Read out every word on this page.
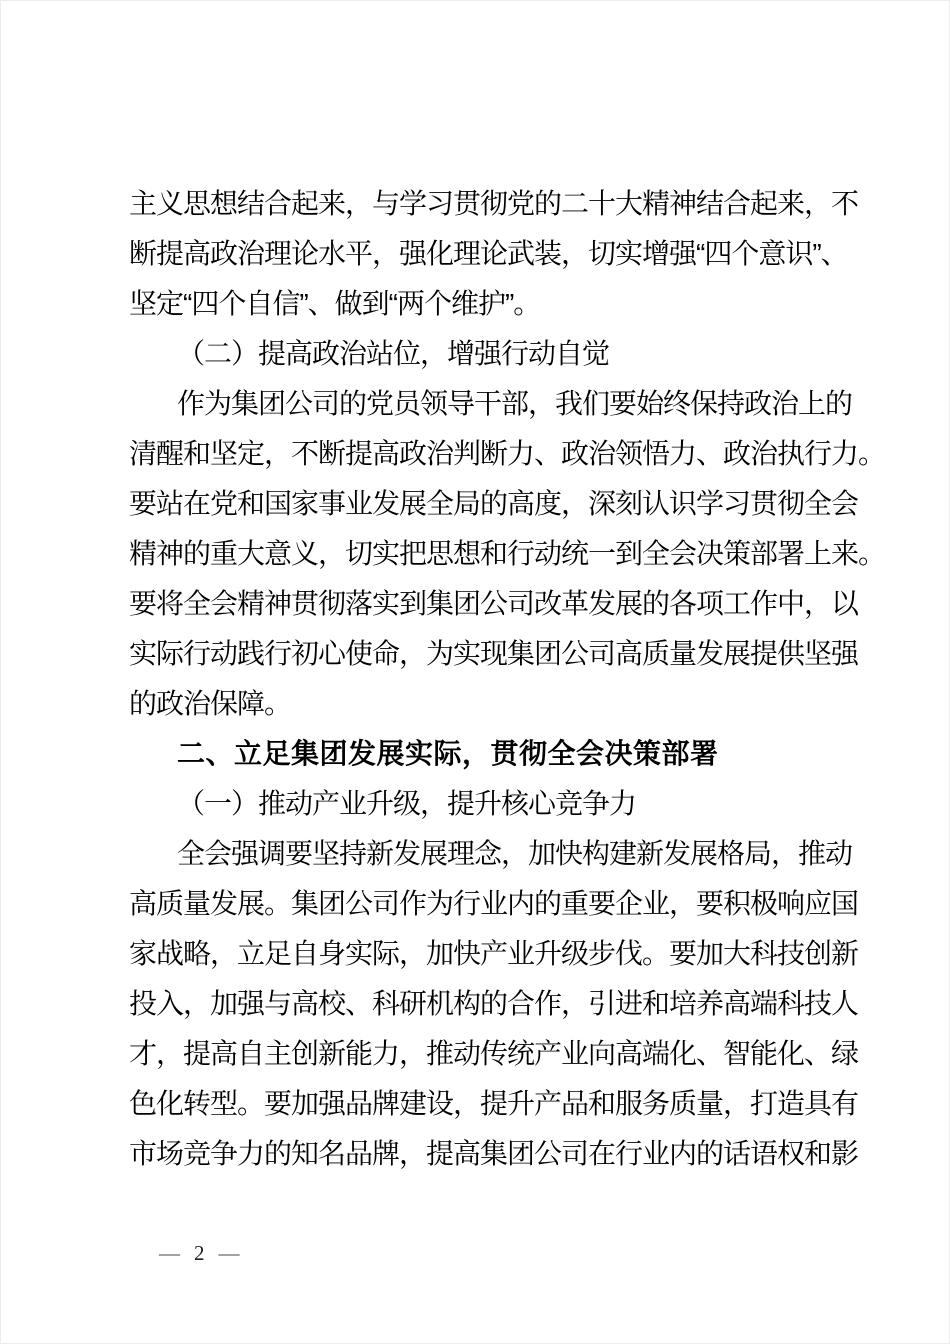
主义思想结合起来，与学习贯彻党的二十大精神结合起来，不
断提高政治理论水平，强化理论武装，切实增强“四个意识”、
坚定“四个自信”、做到“两个维护”。
（二）提高政治站位，增强行动自觉
作为集团公司的党员领导干部，我们要始终保持政治上的
清醒和坚定，不断提高政治判断力、政治领悟力、政治执行力。
要站在党和国家事业发展全局的高度，深刻认识学习贯彻全会
精神的重大意义，切实把思想和行动统一到全会决策部署上来。
要将全会精神贯彻落实到集团公司改革发展的各项工作中，以
实际行动践行初心使命，为实现集团公司高质量发展提供坚强
的政治保障。
二、立足集团发展实际，贯彻全会决策部署
（一）推动产业升级，提升核心竞争力
全会强调要坚持新发展理念，加快构建新发展格局，推动
高质量发展。集团公司作为行业内的重要企业，要积极响应国
家战略，立足自身实际，加快产业升级步伐。要加大科技创新
投入，加强与高校、科研机构的合作，引进和培养高端科技人
才，提高自主创新能力，推动传统产业向高端化、智能化、绿
色化转型。要加强品牌建设，提升产品和服务质量，打造具有
市场竞争力的知名品牌，提高集团公司在行业内的话语权和影
— 2 —
